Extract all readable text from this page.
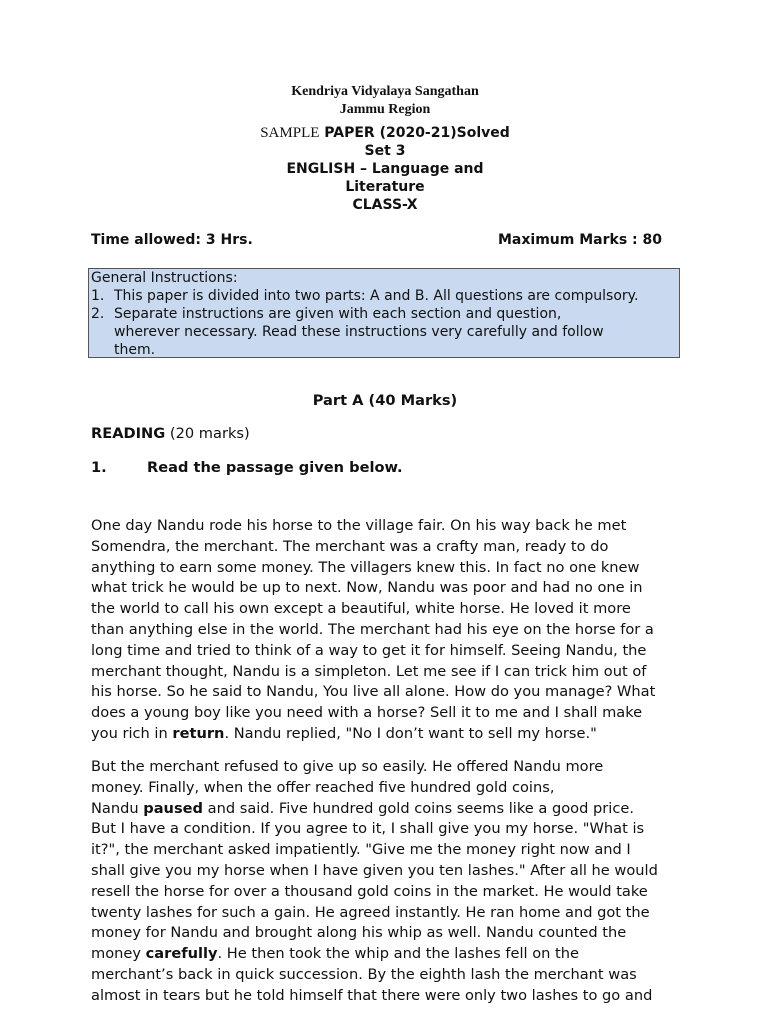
Kendriya Vidyalaya Sangathan
Jammu Region
SAMPLE PAPER (2020-21)Solved
Set 3
ENGLISH – Language and
Literature
CLASS-X
Time allowed: 3 Hrs.	Maximum Marks : 80
General Instructions:
1. This paper is divided into two parts: A and B. All questions are compulsory.
2. Separate instructions are given with each section and question,
wherever necessary. Read these instructions very carefully and follow
them.
Part A (40 Marks)
READING (20 marks)
1.	Read the passage given below.

One day Nandu rode his horse to the village fair. On his way back he met

Somendra, the merchant. The merchant was a crafty man, ready to do

anything to earn some money. The villagers knew this. In fact no one knew

what trick he would be up to next. Now, Nandu was poor and had no one in

the world to call his own except a beautiful, white horse. He loved it more

than anything else in the world. The merchant had his eye on the horse for a

long time and tried to think of a way to get it for himself. Seeing Nandu, the

merchant thought, Nandu is a simpleton. Let me see if I can trick him out of

his horse. So he said to Nandu, You live all alone. How do you manage? What

does a young boy like you need with a horse? Sell it to me and I shall make

you rich in return. Nandu replied, "No I don’t want to sell my horse."

But the merchant refused to give up so easily. He offered Nandu more

money. Finally, when the offer reached five hundred gold coins,

Nandu paused and said. Five hundred gold coins seems like a good price.

But I have a condition. If you agree to it, I shall give you my horse. "What is

it?", the merchant asked impatiently. "Give me the money right now and I

shall give you my horse when I have given you ten lashes." After all he would

resell the horse for over a thousand gold coins in the market. He would take

twenty lashes for such a gain. He agreed instantly. He ran home and got the

money for Nandu and brought along his whip as well. Nandu counted the

money carefully. He then took the whip and the lashes fell on the

merchant’s back in quick succession. By the eighth lash the merchant was

almost in tears but he told himself that there were only two lashes to go and
